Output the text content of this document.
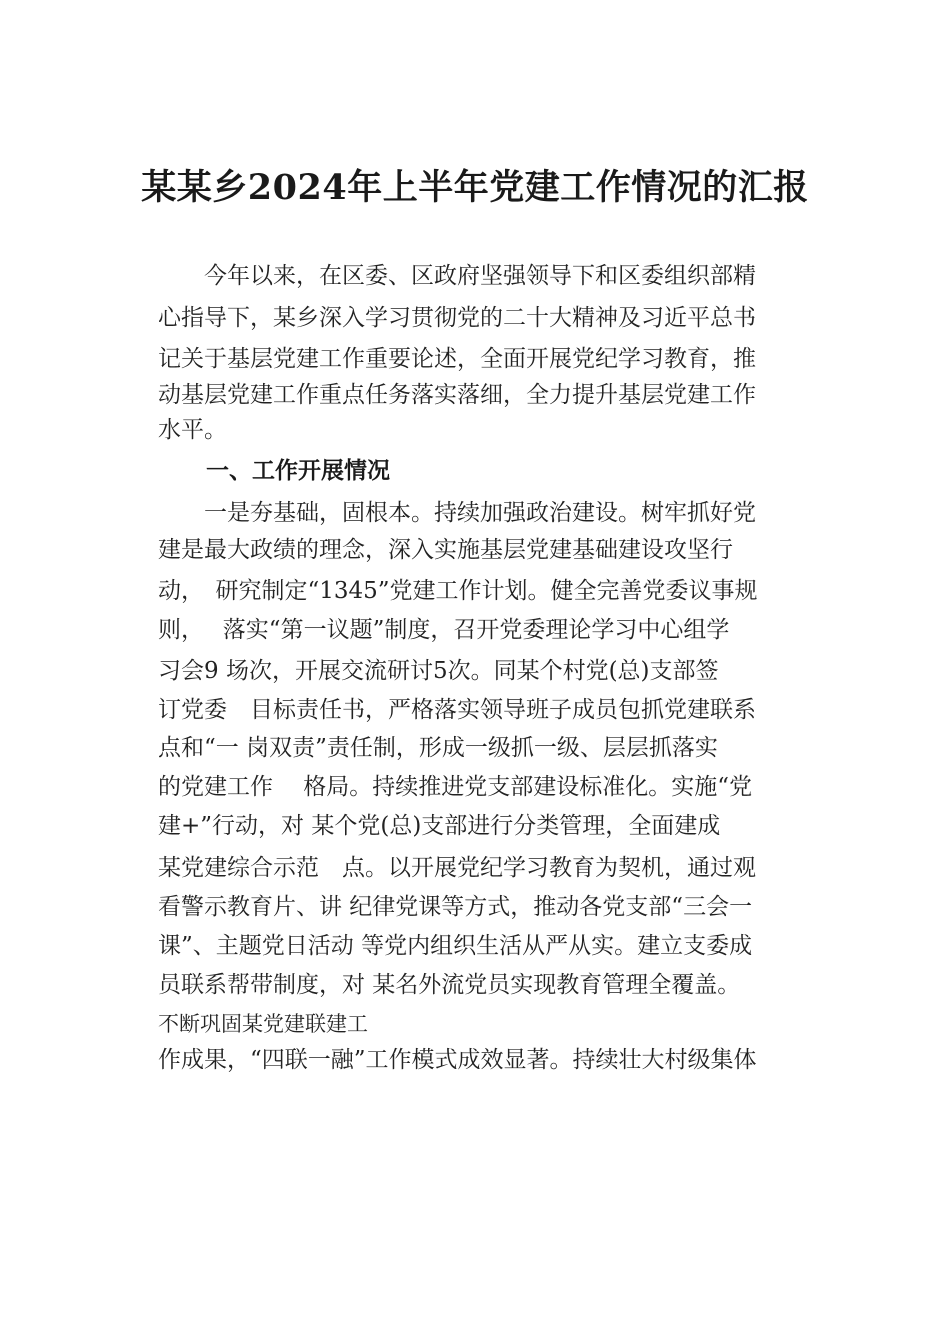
某某乡2024年上半年党建工作情况的汇报

　　今年以来，在区委、区政府坚强领导下和区委组织部精

心指导下，某乡深入学习贯彻党的二十大精神及习近平总书

记关于基层党建工作重要论述，全面开展党纪学习教育，推

动基层党建工作重点任务落实落细，全力提升基层党建工作

水平。

一、工作开展情况

　　一是夯基础，固根本。持续加强政治建设。树牢抓好党

建是最大政绩的理念，深入实施基层党建基础建设攻坚行

动，　研究制定“1345”党建工作计划。健全完善党委议事规

则，　 落实“第一议题”制度，召开党委理论学习中心组学

习会9 场次，开展交流研讨5次。同某个村党(总)支部签

订党委　目标责任书，严格落实领导班子成员包抓党建联系

点和“一 岗双责”责任制，形成一级抓一级、层层抓落实

的党建工作　 格局。持续推进党支部建设标准化。实施“党

建+”行动，对 某个党(总)支部进行分类管理，全面建成

某党建综合示范　点。以开展党纪学习教育为契机，通过观

看警示教育片、讲 纪律党课等方式，推动各党支部“三会一

课”、主题党日活动 等党内组织生活从严从实。建立支委成

员联系帮带制度，对 某名外流党员实现教育管理全覆盖。

不断巩固某党建联建工

作成果，“四联一融”工作模式成效显著。持续壮大村级集体
